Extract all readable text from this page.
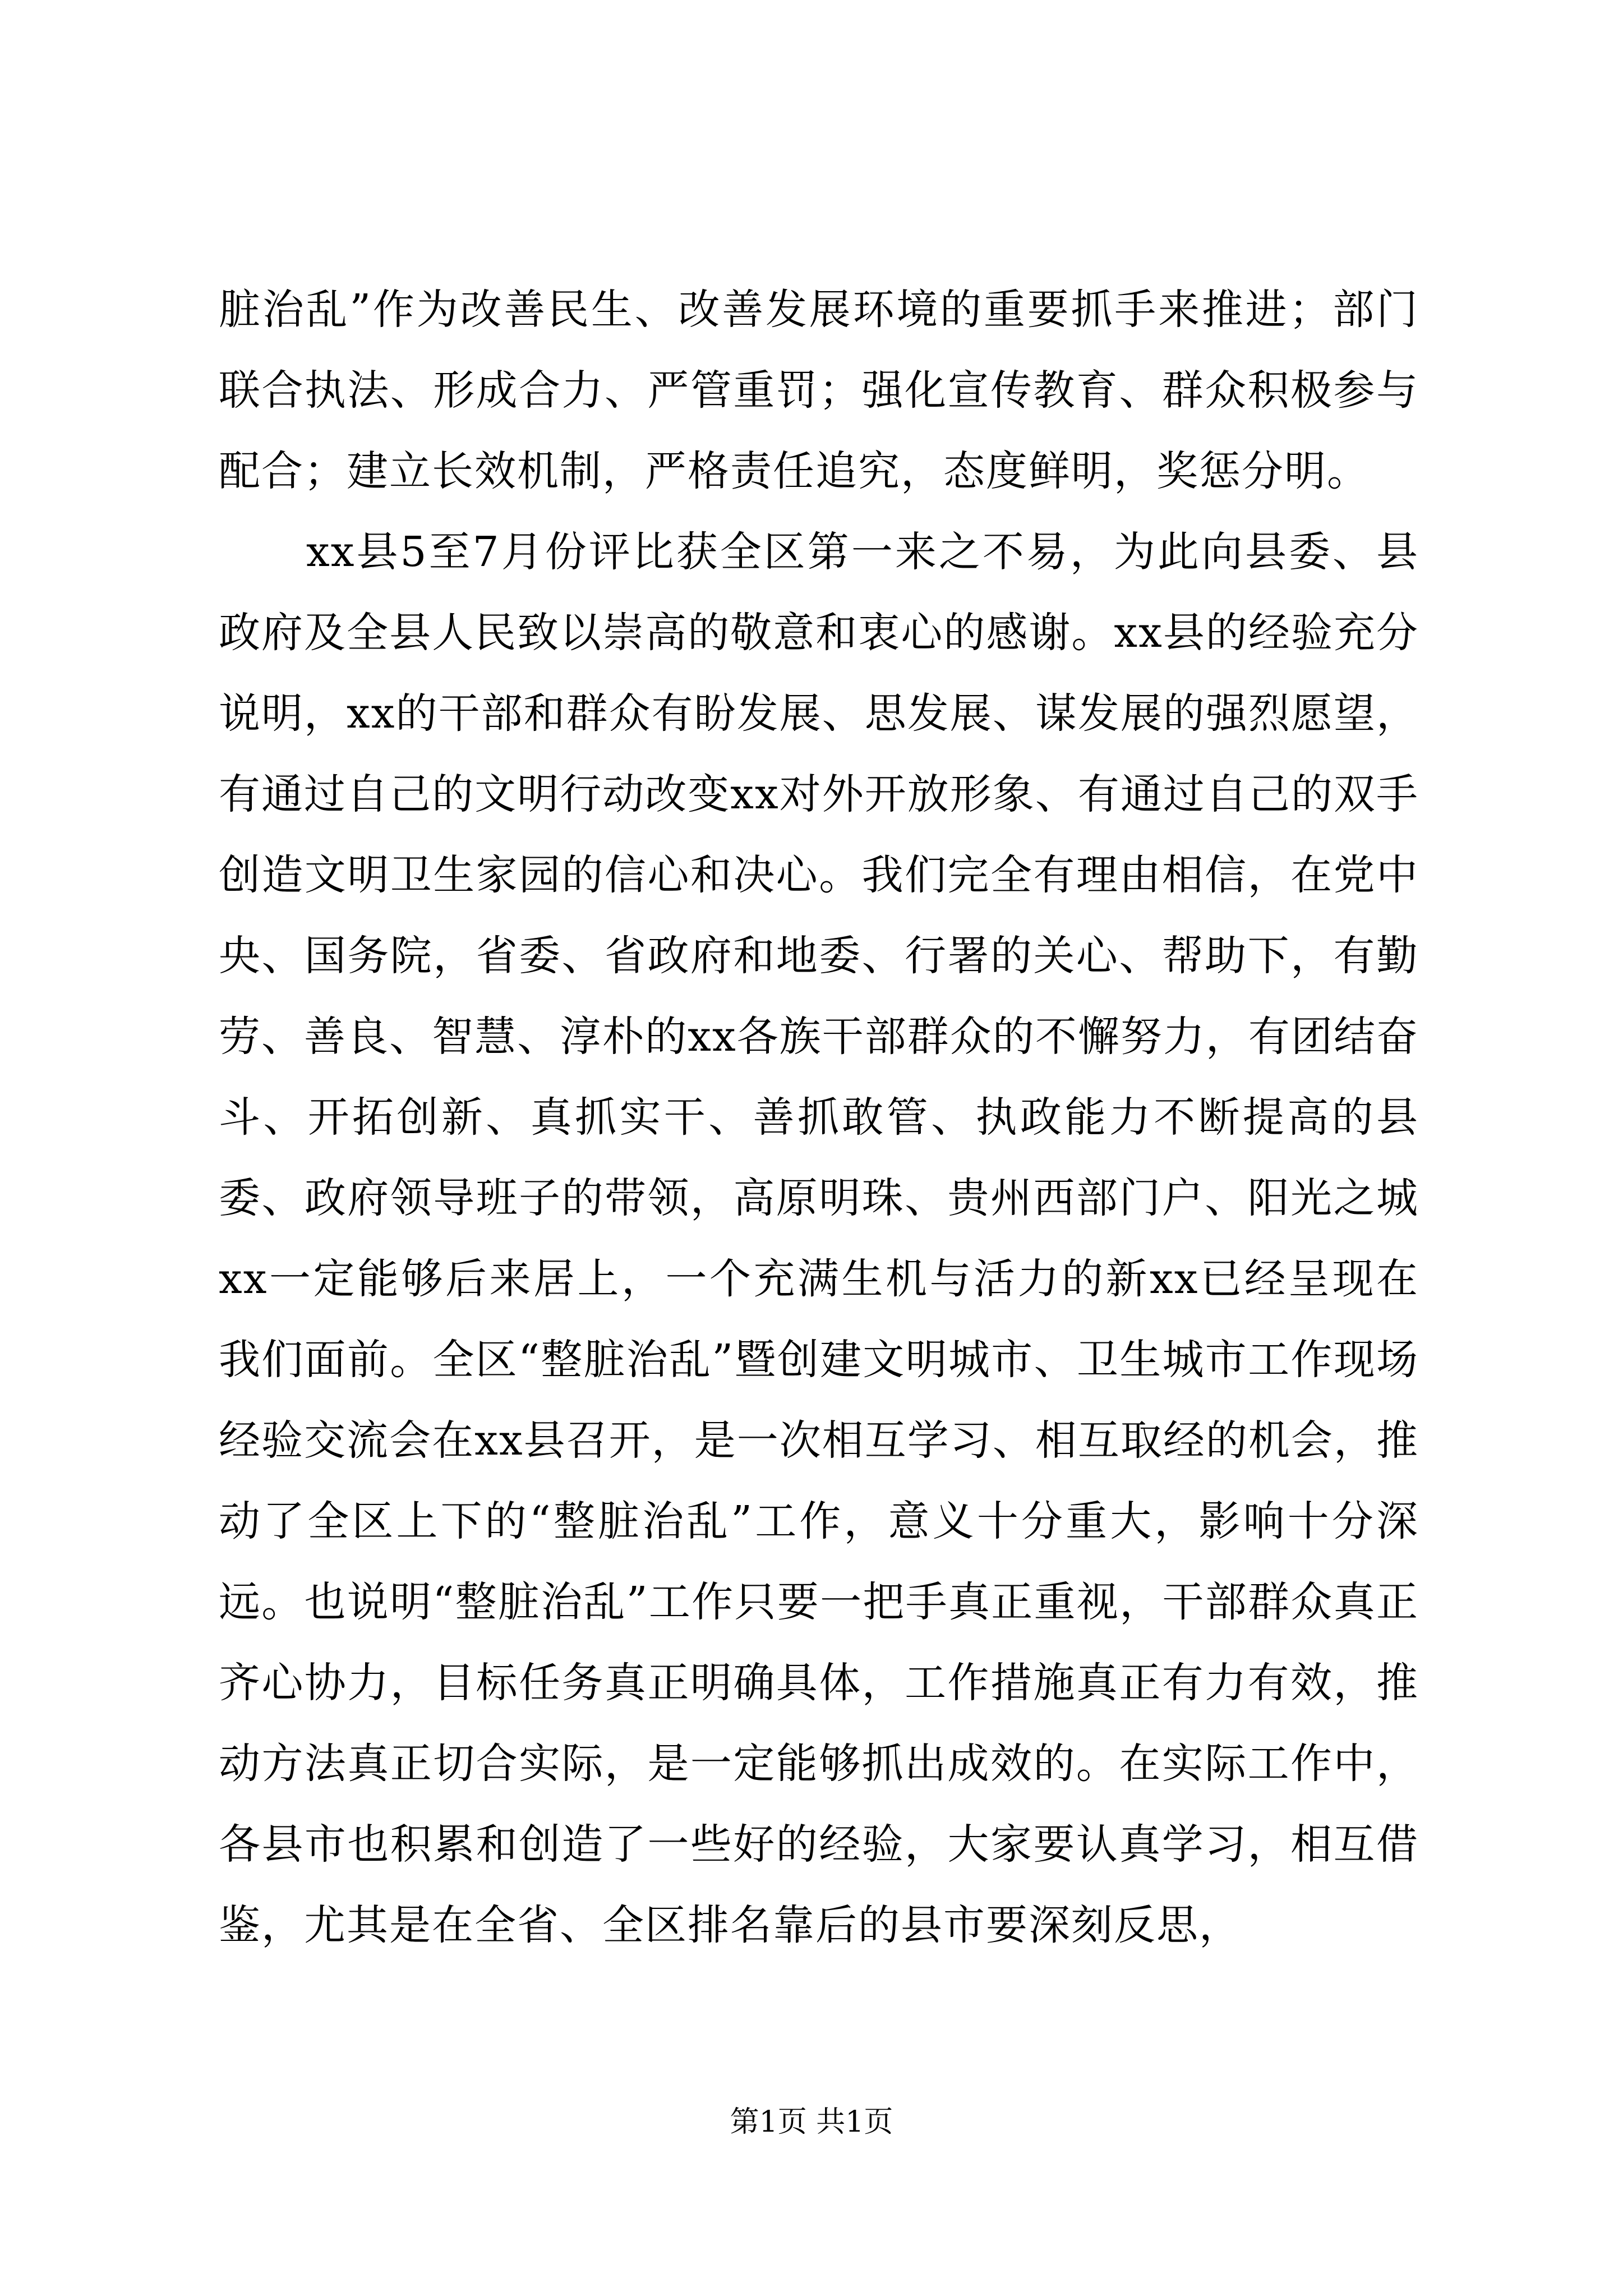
脏治乱”作为改善民生、改善发展环境的重要抓手来推进；部门联合执法、形成合力、严管重罚；强化宣传教育、群众积极参与配合；建立长效机制，严格责任追究，态度鲜明，奖惩分明。

xx县5至7月份评比获全区第一来之不易，为此向县委、县政府及全县人民致以崇高的敬意和衷心的感谢。xx县的经验充分说明，xx的干部和群众有盼发展、思发展、谋发展的强烈愿望，有通过自己的文明行动改变xx对外开放形象、有通过自己的双手创造文明卫生家园的信心和决心。我们完全有理由相信，在党中央、国务院，省委、省政府和地委、行署的关心、帮助下，有勤劳、善良、智慧、淳朴的xx各族干部群众的不懈努力，有团结奋斗、开拓创新、真抓实干、善抓敢管、执政能力不断提高的县委、政府领导班子的带领，高原明珠、贵州西部门户、阳光之城xx一定能够后来居上，一个充满生机与活力的新xx已经呈现在我们面前。全区“整脏治乱”暨创建文明城市、卫生城市工作现场经验交流会在xx县召开，是一次相互学习、相互取经的机会，推动了全区上下的“整脏治乱”工作，意义十分重大，影响十分深远。也说明“整脏治乱”工作只要一把手真正重视，干部群众真正齐心协力，目标任务真正明确具体，工作措施真正有力有效，推动方法真正切合实际，是一定能够抓出成效的。在实际工作中，各县市也积累和创造了一些好的经验，大家要认真学习，相互借鉴，尤其是在全省、全区排名靠后的县市要深刻反思，

第1页 共1页
